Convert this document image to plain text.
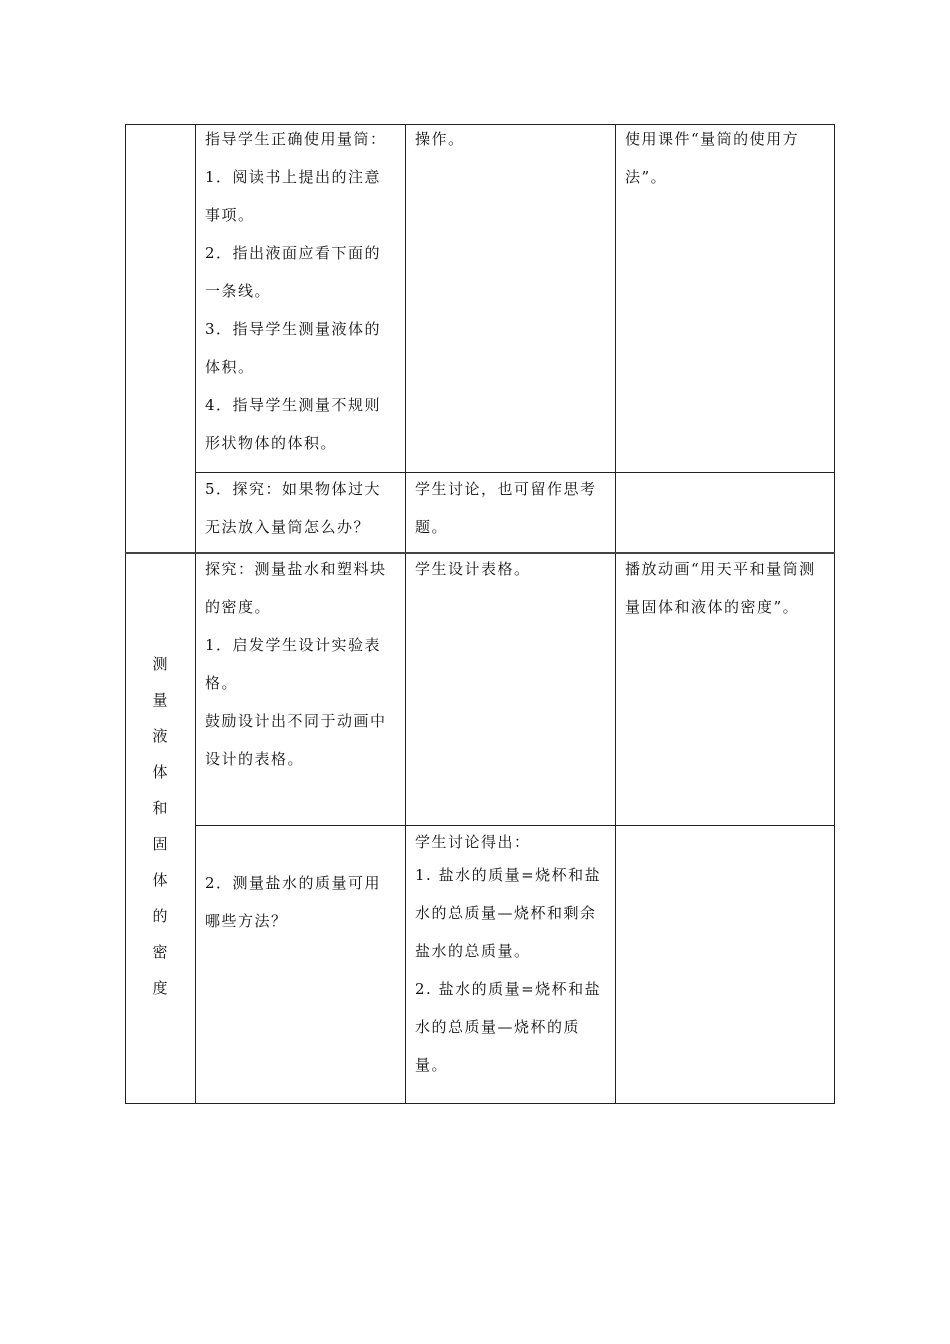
测
量
液
体
和
固
体
的
密
度

指导学生正确使用量筒：

1．阅读书上提出的注意

事项。

2．指出液面应看下面的

一条线。

3．指导学生测量液体的

体积。

4．指导学生测量不规则

形状物体的体积。

操作。	使用课件“量筒的使用方

法”。

5．探究：如果物体过大

无法放入量筒怎么办？

学生讨论，也可留作思考

题。

探究：测量盐水和塑料块

的密度。

1．启发学生设计实验表

格。

鼓励设计出不同于动画中

设计的表格。

学生设计表格。	播放动画“用天平和量筒测

量固体和液体的密度”。

2．测量盐水的质量可用

哪些方法？

学生讨论得出：

1. 盐水的质量=烧杯和盐

水的总质量—烧杯和剩余

盐水的总质量。

2. 盐水的质量=烧杯和盐

水的总质量—烧杯的质

量。
